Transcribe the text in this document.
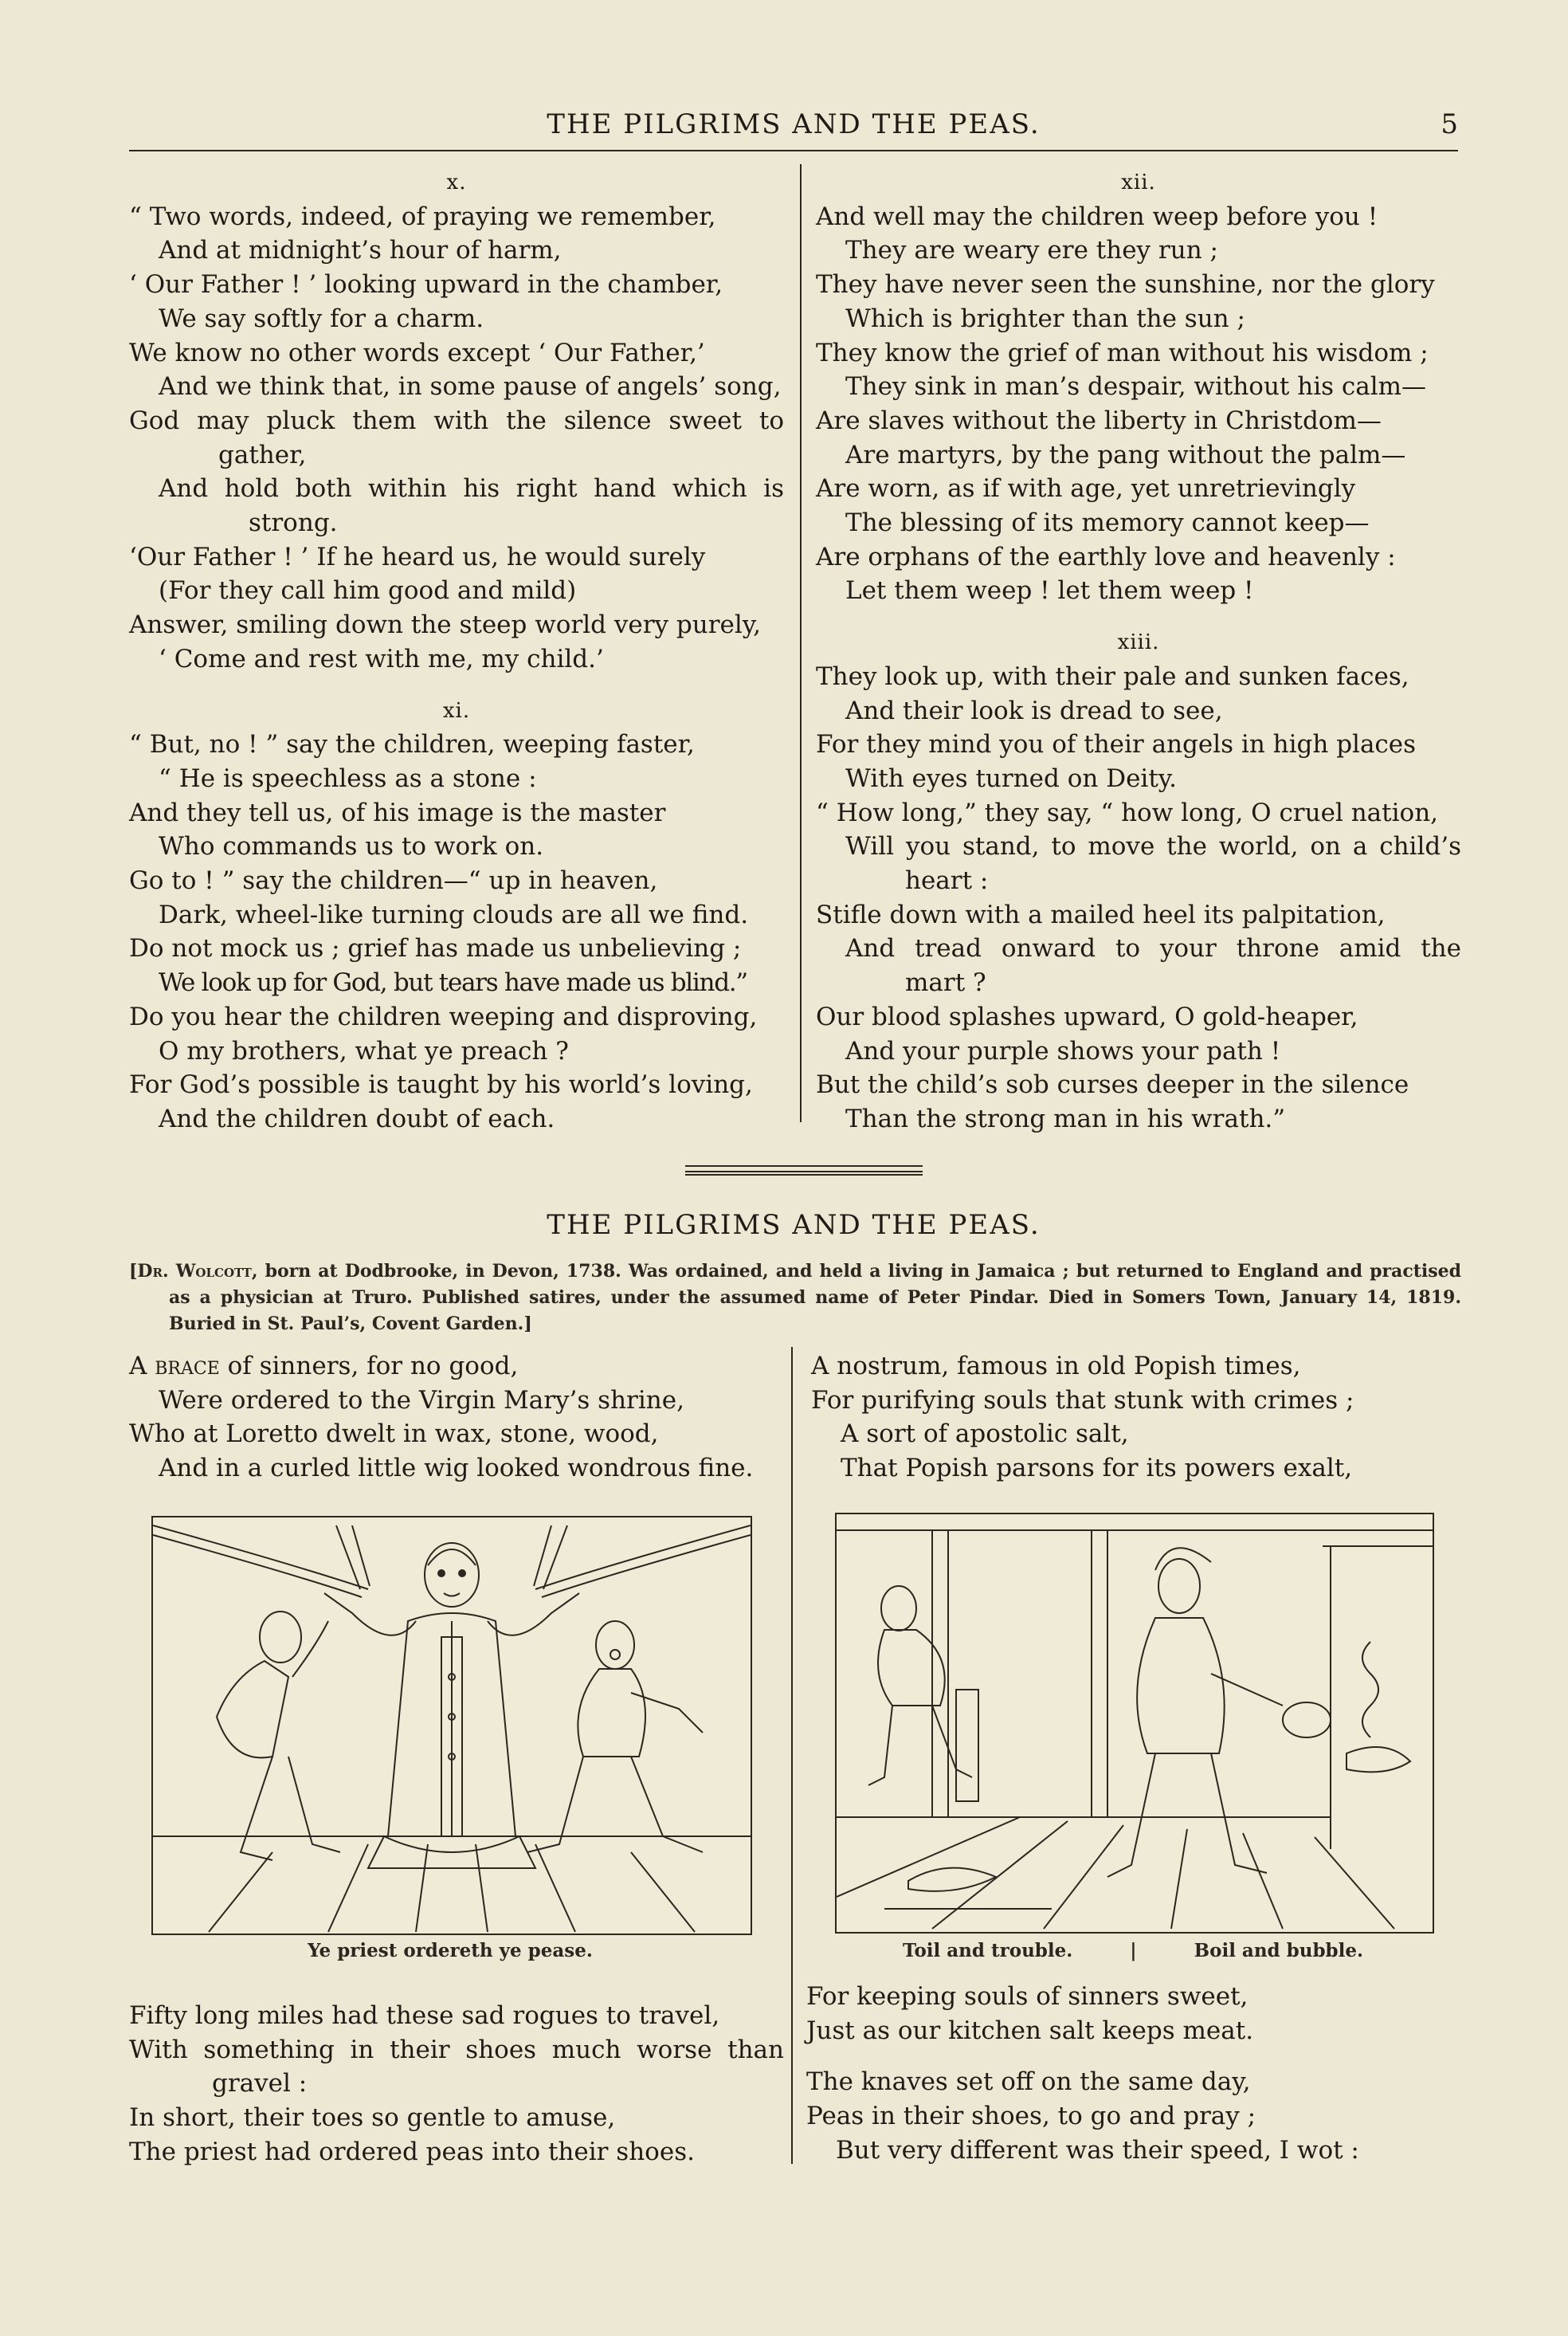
THE PILGRIMS AND THE PEAS.	5

x.

“ Two words, indeed, of praying we remember,

And at midnight’s hour of harm,

‘ Our Father ! ’ looking upward in the chamber,

We say softly for a charm.

We know no other words except ‘ Our Father,’

And we think that, in some pause of angels’ song,

God may pluck them with the silence sweet to

gather,

And hold both within his right hand which is

strong.

‘Our Father ! ’ If he heard us, he would surely

(For they call him good and mild)

Answer, smiling down the steep world very purely,

‘ Come and rest with me, my child.’

xi.

“ But, no ! ” say the children, weeping faster,

“ He is speechless as a stone :

And they tell us, of his image is the master

Who commands us to work on.

Go to ! ” say the children—“ up in heaven,

Dark, wheel-like turning clouds are all we find.

Do not mock us ; grief has made us unbelieving ;

We look up for God, but tears have made us blind.”

Do you hear the children weeping and disproving,

O my brothers, what ye preach ?

For God’s possible is taught by his world’s loving,

And the children doubt of each.

xii.

And well may the children weep before you !

They are weary ere they run ;

They have never seen the sunshine, nor the glory

Which is brighter than the sun ;

They know the grief of man without his wisdom ;

They sink in man’s despair, without his calm—

Are slaves without the liberty in Christdom—

Are martyrs, by the pang without the palm—

Are worn, as if with age, yet unretrievingly

The blessing of its memory cannot keep—

Are orphans of the earthly love and heavenly :

Let them weep ! let them weep !

xiii.

They look up, with their pale and sunken faces,

And their look is dread to see,

For they mind you of their angels in high places

With eyes turned on Deity.

“ How long,” they say, “ how long, O cruel nation,

Will you stand, to move the world, on a child’s

heart :

Stifle down with a mailed heel its palpitation,

And tread onward to your throne amid the

mart ?

Our blood splashes upward, O gold-heaper,

And your purple shows your path !

But the child’s sob curses deeper in the silence

Than the strong man in his wrath.”

THE PILGRIMS AND THE PEAS.

[Dr. Wolcott, born at Dodbrooke, in Devon, 1738. Was ordained, and held a living in Jamaica ; but returned to England and practised as a physician at Truro. Published satires, under the assumed name of Peter Pindar. Died in Somers Town, January 14, 1819. Buried in St. Paul’s, Covent Garden.]

A brace of sinners, for no good,

Were ordered to the Virgin Mary’s shrine,

Who at Loretto dwelt in wax, stone, wood,

And in a curled little wig looked wondrous fine.

A nostrum, famous in old Popish times,

For purifying souls that stunk with crimes ;

A sort of apostolic salt,

That Popish parsons for its powers exalt,

Ye priest ordereth ye pease.	Toil and trouble.	|	Boil and bubble.

Fifty long miles had these sad rogues to travel,

With something in their shoes much worse than

gravel :

In short, their toes so gentle to amuse,

The priest had ordered peas into their shoes.

For keeping souls of sinners sweet,

Just as our kitchen salt keeps meat.

The knaves set off on the same day,

Peas in their shoes, to go and pray ;

But very different was their speed, I wot :
